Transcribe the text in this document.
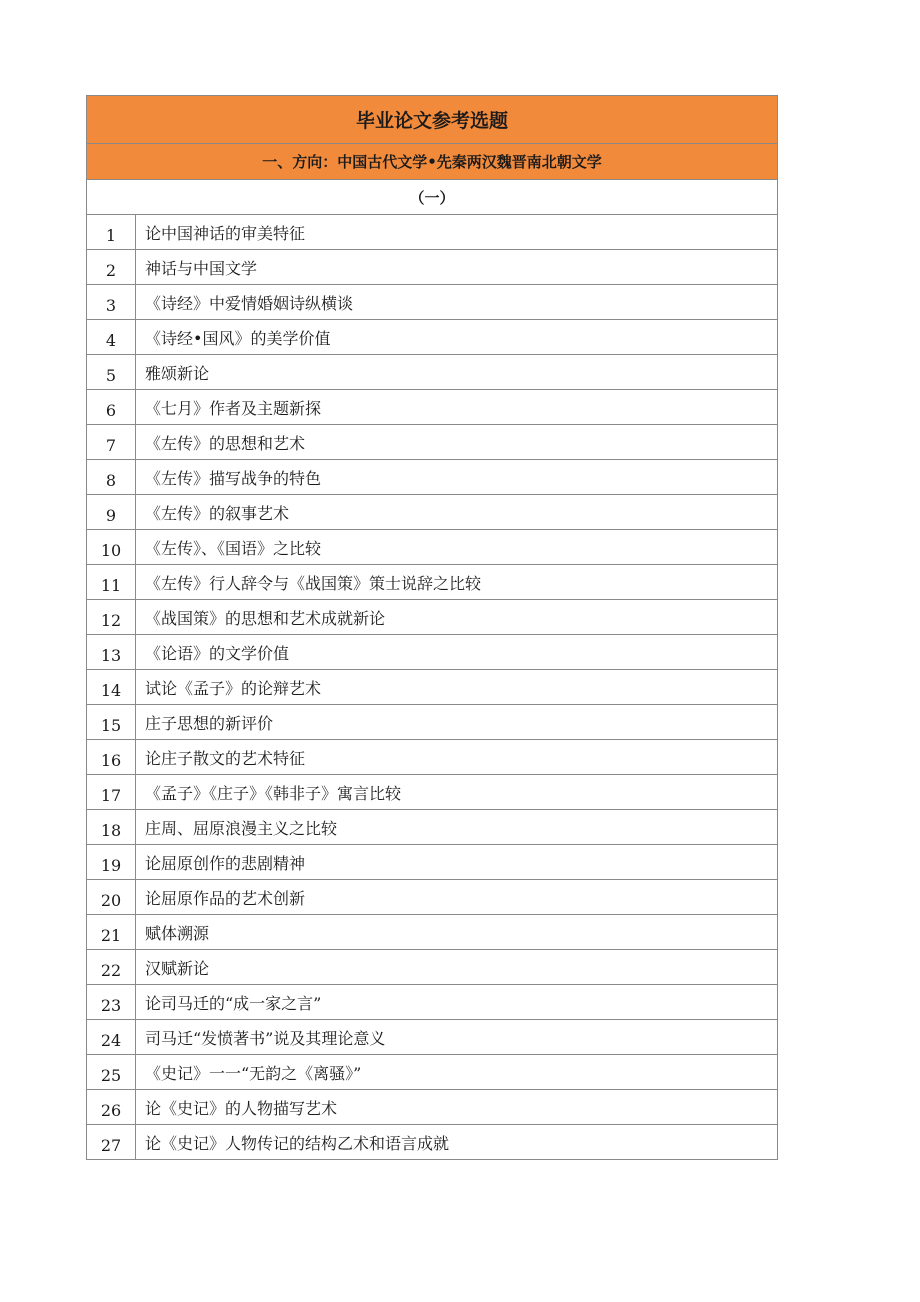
毕业论文参考选题	
一、方向：中国古代文学•先秦两汉魏晋南北朝文学	
（一）	
1	论中国神话的审美特征
2	神话与中国文学
3	《诗经》中爱情婚姻诗纵横谈
4	《诗经•国风》的美学价值
5	雅颂新论
6	《七月》作者及主题新探
7	《左传》的思想和艺术
8	《左传》描写战争的特色
9	《左传》的叙事艺术
10	《左传》、《国语》之比较
11	《左传》行人辞令与《战国策》策士说辞之比较
12	《战国策》的思想和艺术成就新论
13	《论语》的文学价值
14	试论《孟子》的论辩艺术
15	庄子思想的新评价
16	论庄子散文的艺术特征
17	《孟子》《庄子》《韩非子》寓言比较
18	庄周、屈原浪漫主义之比较
19	论屈原创作的悲剧精神
20	论屈原作品的艺术创新
21	赋体溯源
22	汉赋新论
23	论司马迁的“成一家之言”
24	司马迁“发愤著书”说及其理论意义
25	《史记》一一“无韵之《离骚》”
26	论《史记》的人物描写艺术
27	论《史记》人物传记的结构乙术和语言成就
